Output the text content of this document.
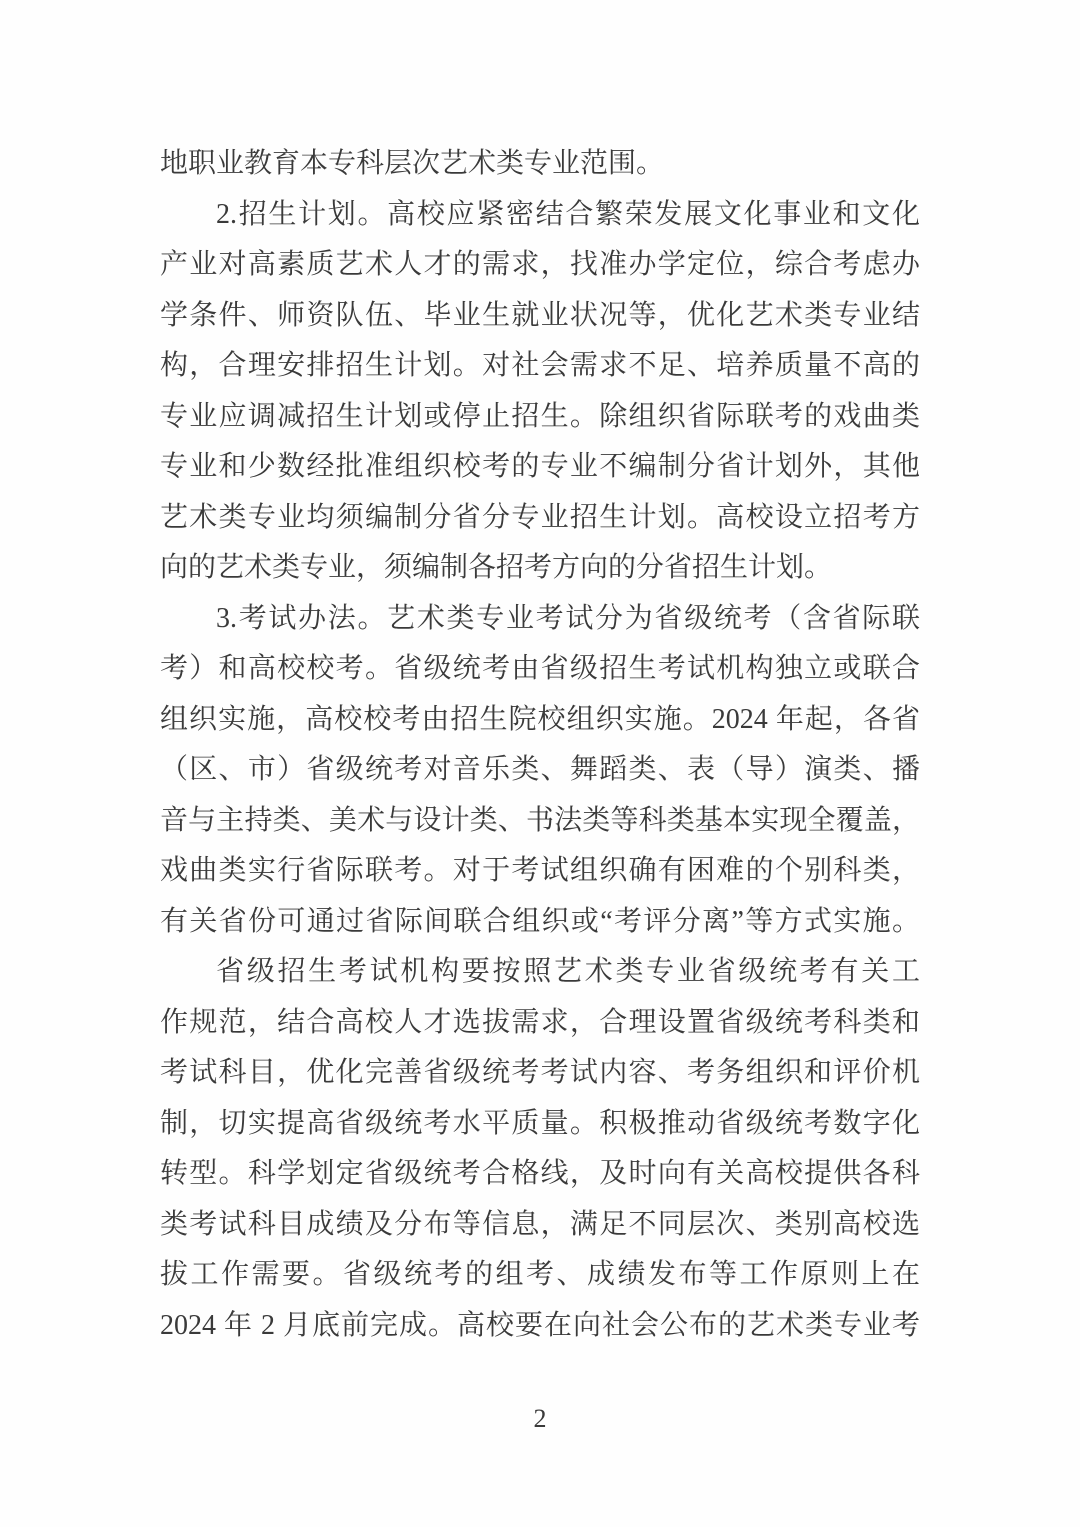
地职业教育本专科层次艺术类专业范围。

2.招生计划。高校应紧密结合繁荣发展文化事业和文化

产业对高素质艺术人才的需求，找准办学定位，综合考虑办

学条件、师资队伍、毕业生就业状况等，优化艺术类专业结

构，合理安排招生计划。对社会需求不足、培养质量不高的

专业应调减招生计划或停止招生。除组织省际联考的戏曲类

专业和少数经批准组织校考的专业不编制分省计划外，其他

艺术类专业均须编制分省分专业招生计划。高校设立招考方

向的艺术类专业，须编制各招考方向的分省招生计划。

3.考试办法。艺术类专业考试分为省级统考（含省际联

考）和高校校考。省级统考由省级招生考试机构独立或联合

组织实施，高校校考由招生院校组织实施。2024 年起，各省

（区、市）省级统考对音乐类、舞蹈类、表（导）演类、播

音与主持类、美术与设计类、书法类等科类基本实现全覆盖，

戏曲类实行省际联考。对于考试组织确有困难的个别科类，

有关省份可通过省际间联合组织或“考评分离”等方式实施。

省级招生考试机构要按照艺术类专业省级统考有关工

作规范，结合高校人才选拔需求，合理设置省级统考科类和

考试科目，优化完善省级统考考试内容、考务组织和评价机

制，切实提高省级统考水平质量。积极推动省级统考数字化

转型。科学划定省级统考合格线，及时向有关高校提供各科

类考试科目成绩及分布等信息，满足不同层次、类别高校选

拔工作需要。省级统考的组考、成绩发布等工作原则上在

2024 年 2 月底前完成。高校要在向社会公布的艺术类专业考

2
